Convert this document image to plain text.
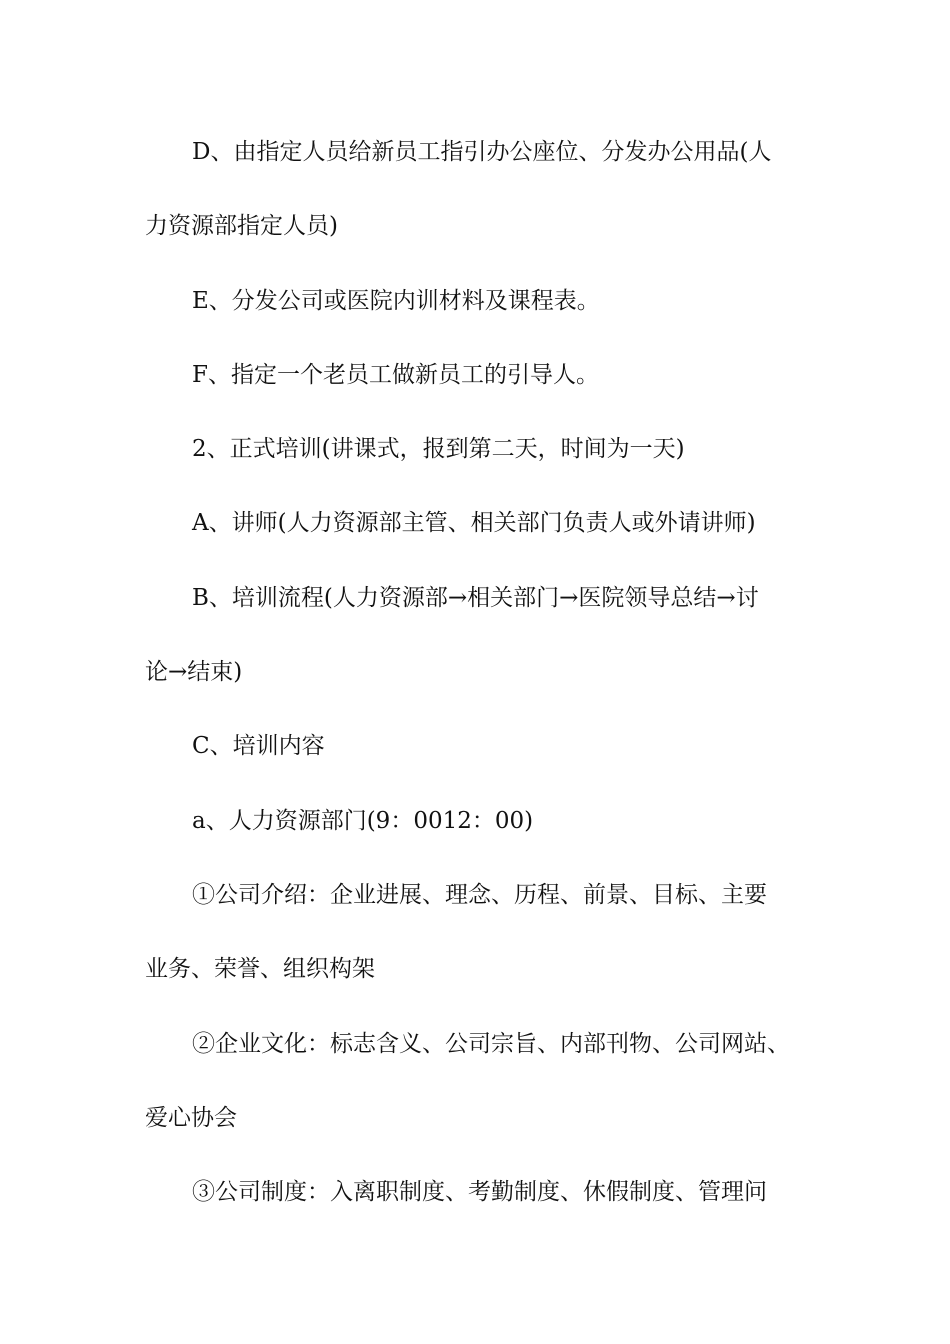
D、由指定人员给新员工指引办公座位、分发办公用品(人
力资源部指定人员)
E、分发公司或医院内训材料及课程表。
F、指定一个老员工做新员工的引导人。
2、正式培训(讲课式，报到第二天，时间为一天)
A、讲师(人力资源部主管、相关部门负责人或外请讲师)
B、培训流程(人力资源部→相关部门→医院领导总结→讨
论→结束)
C、培训内容
a、人力资源部门(9：0012：00)
①公司介绍：企业进展、理念、历程、前景、目标、主要
业务、荣誉、组织构架
②企业文化：标志含义、公司宗旨、内部刊物、公司网站、
爱心协会
③公司制度：入离职制度、考勤制度、休假制度、管理问
